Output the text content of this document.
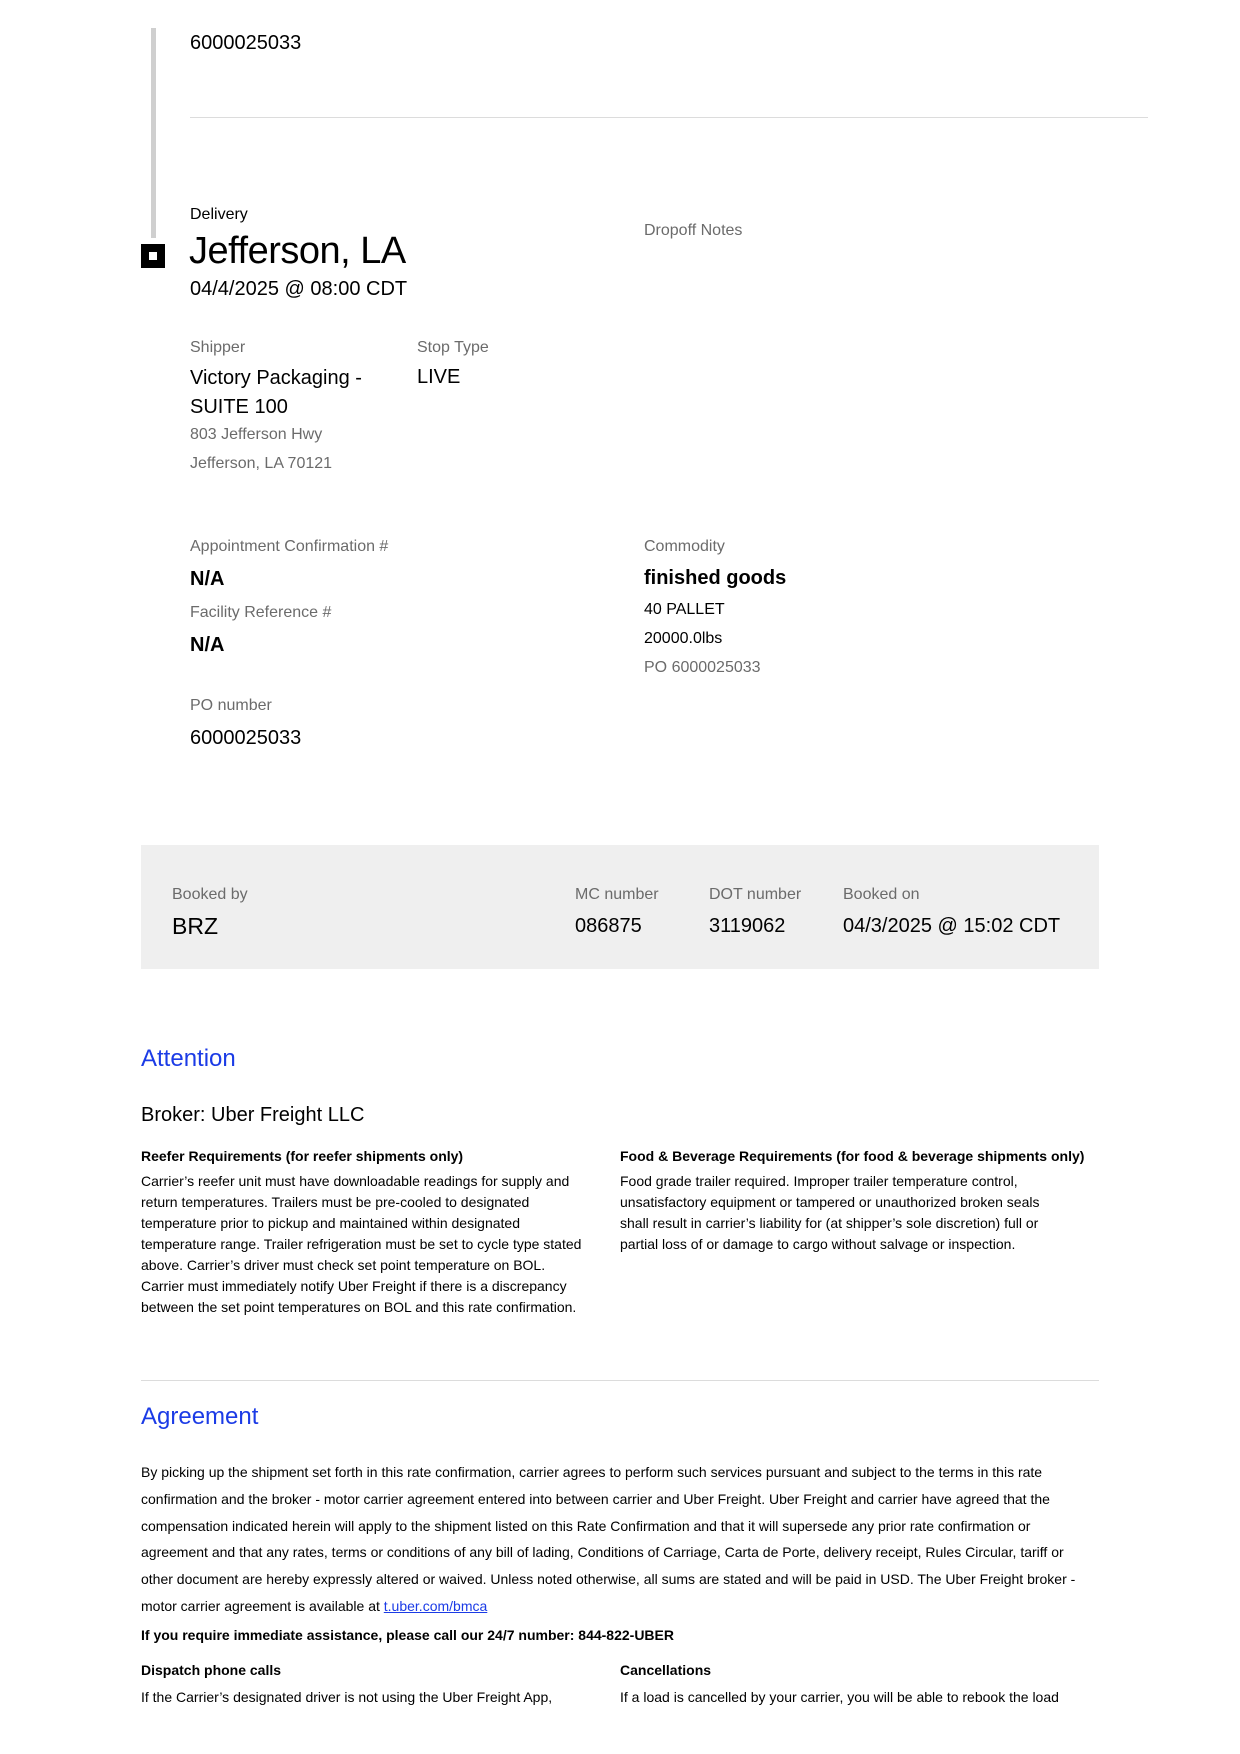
6000025033
Delivery
Jefferson, LA
04/4/2025 @ 08:00 CDT
Dropoff Notes
Shipper
Victory Packaging - SUITE 100
803 Jefferson Hwy
Jefferson, LA 70121
Stop Type
LIVE
Appointment Confirmation #
N/A
Facility Reference #
N/A
PO number
6000025033
Commodity
finished goods
40 PALLET
20000.0lbs
PO 6000025033
Booked by
BRZ
MC number
086875
DOT number
3119062
Booked on
04/3/2025 @ 15:02 CDT
Attention
Broker: Uber Freight LLC
Reefer Requirements (for reefer shipments only)
Carrier’s reefer unit must have downloadable readings for supply and return temperatures. Trailers must be pre-cooled to designated temperature prior to pickup and maintained within designated temperature range. Trailer refrigeration must be set to cycle type stated above. Carrier’s driver must check set point temperature on BOL. Carrier must immediately notify Uber Freight if there is a discrepancy between the set point temperatures on BOL and this rate confirmation.
Food & Beverage Requirements (for food & beverage shipments only)
Food grade trailer required. Improper trailer temperature control, unsatisfactory equipment or tampered or unauthorized broken seals shall result in carrier’s liability for (at shipper’s sole discretion) full or partial loss of or damage to cargo without salvage or inspection.
Agreement
By picking up the shipment set forth in this rate confirmation, carrier agrees to perform such services pursuant and subject to the terms in this rate confirmation and the broker - motor carrier agreement entered into between carrier and Uber Freight. Uber Freight and carrier have agreed that the compensation indicated herein will apply to the shipment listed on this Rate Confirmation and that it will supersede any prior rate confirmation or agreement and that any rates, terms or conditions of any bill of lading, Conditions of Carriage, Carta de Porte, delivery receipt, Rules Circular, tariff or other document are hereby expressly altered or waived. Unless noted otherwise, all sums are stated and will be paid in USD. The Uber Freight broker - motor carrier agreement is available at t.uber.com/bmca
If you require immediate assistance, please call our 24/7 number: 844-822-UBER
Dispatch phone calls
If the Carrier’s designated driver is not using the Uber Freight App,
Cancellations
If a load is cancelled by your carrier, you will be able to rebook the load
